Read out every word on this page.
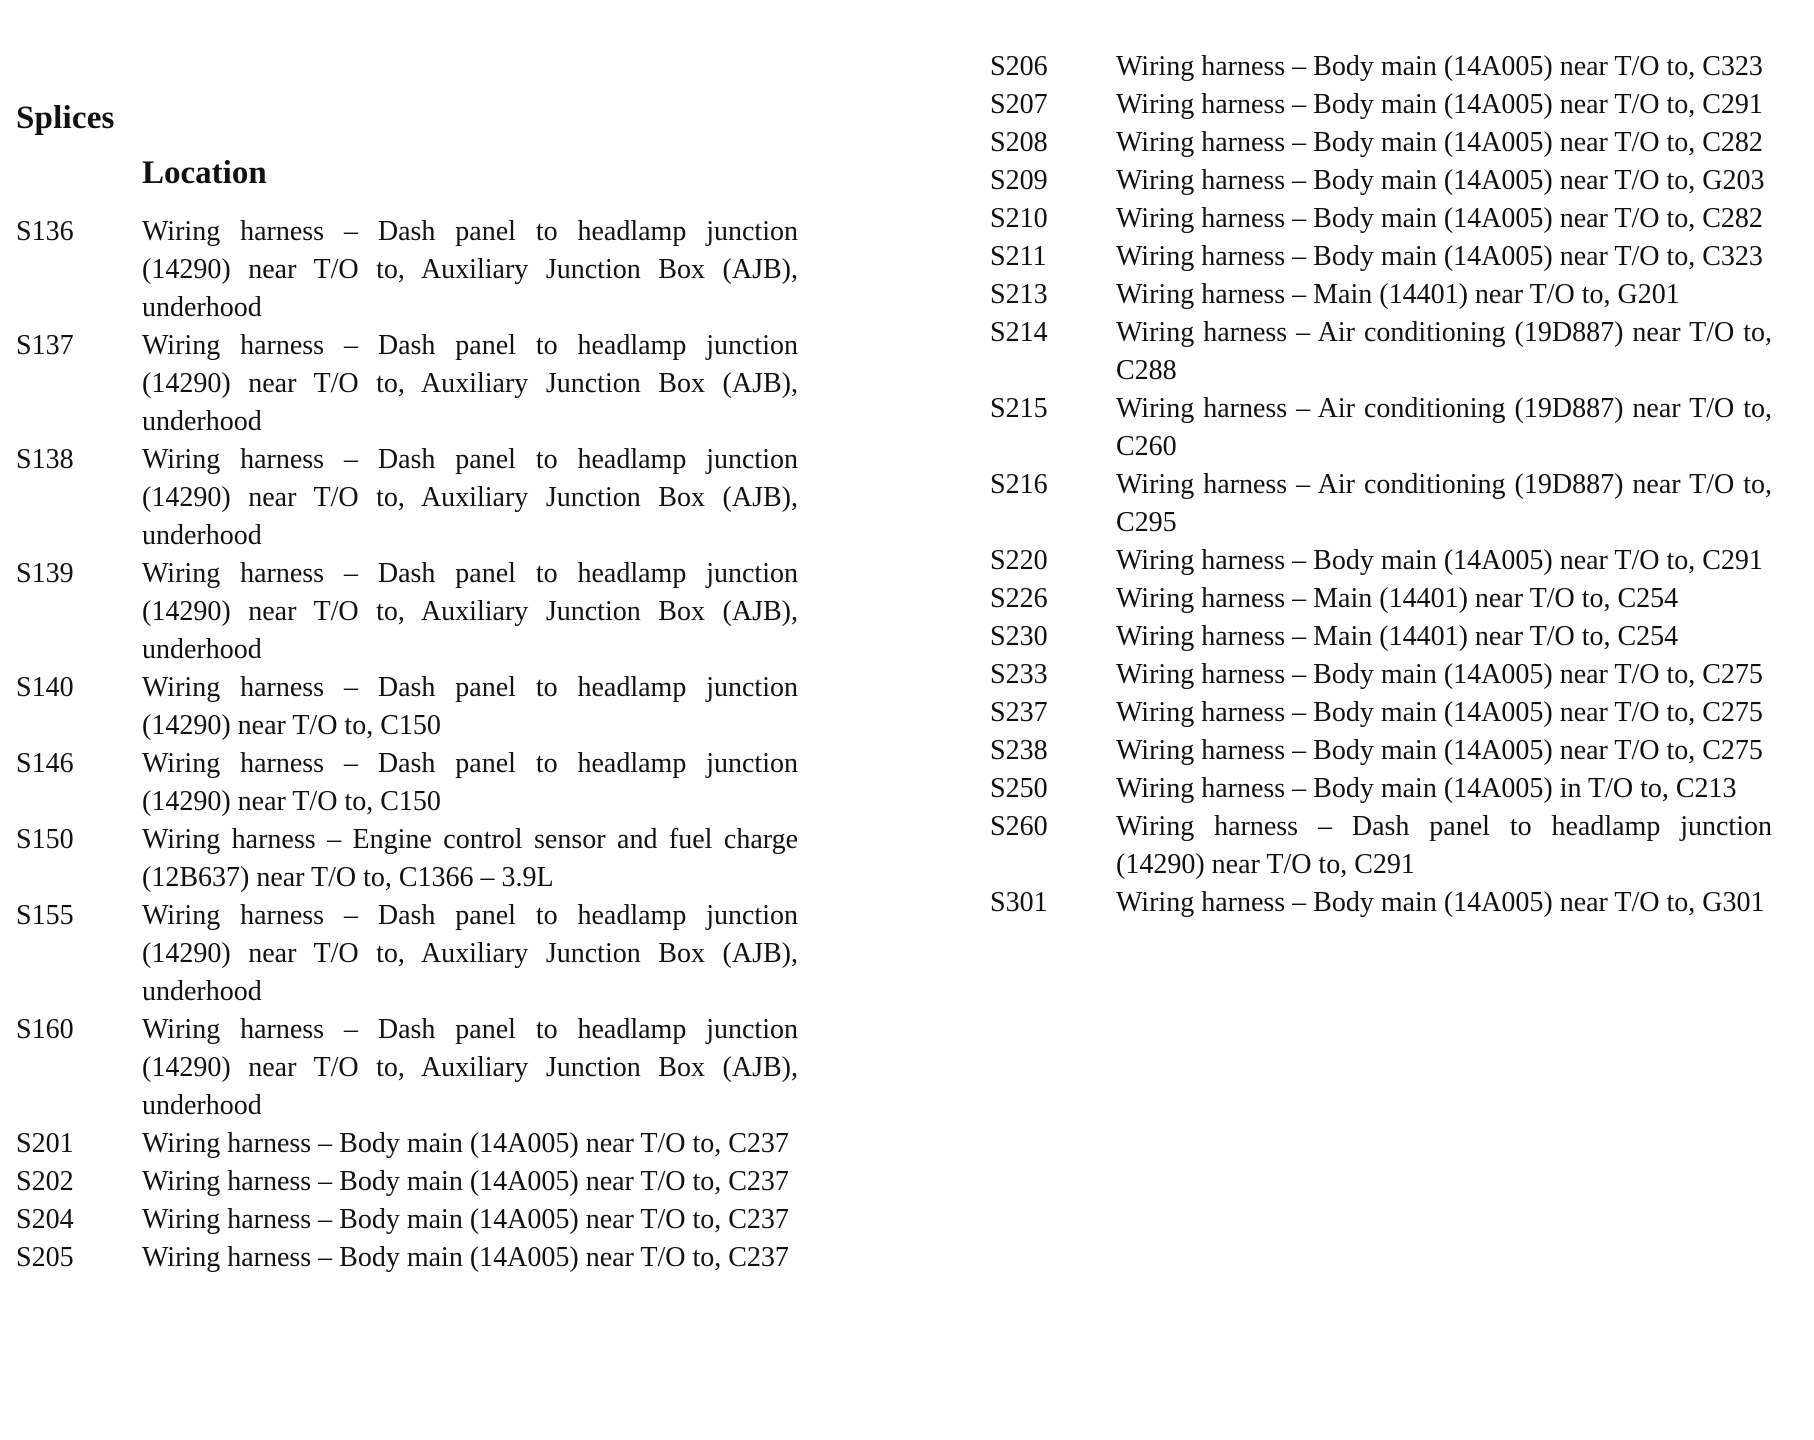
Splices
Location
S136	Wiring harness – Dash panel to headlamp junction (14290) near T/O to, Auxiliary Junction Box (AJB), underhood
S137	Wiring harness – Dash panel to headlamp junction (14290) near T/O to, Auxiliary Junction Box (AJB), underhood
S138	Wiring harness – Dash panel to headlamp junction (14290) near T/O to, Auxiliary Junction Box (AJB), underhood
S139	Wiring harness – Dash panel to headlamp junction (14290) near T/O to, Auxiliary Junction Box (AJB), underhood
S140	Wiring harness – Dash panel to headlamp junction (14290) near T/O to, C150
S146	Wiring harness – Dash panel to headlamp junction (14290) near T/O to, C150
S150	Wiring harness – Engine control sensor and fuel charge (12B637) near T/O to, C1366 – 3.9L
S155	Wiring harness – Dash panel to headlamp junction (14290) near T/O to, Auxiliary Junction Box (AJB), underhood
S160	Wiring harness – Dash panel to headlamp junction (14290) near T/O to, Auxiliary Junction Box (AJB), underhood
S201	Wiring harness – Body main (14A005) near T/O to, C237
S202	Wiring harness – Body main (14A005) near T/O to, C237
S204	Wiring harness – Body main (14A005) near T/O to, C237
S205	Wiring harness – Body main (14A005) near T/O to, C237
S206	Wiring harness – Body main (14A005) near T/O to, C323
S207	Wiring harness – Body main (14A005) near T/O to, C291
S208	Wiring harness – Body main (14A005) near T/O to, C282
S209	Wiring harness – Body main (14A005) near T/O to, G203
S210	Wiring harness – Body main (14A005) near T/O to, C282
S211	Wiring harness – Body main (14A005) near T/O to, C323
S213	Wiring harness – Main (14401) near T/O to, G201
S214	Wiring harness – Air conditioning (19D887) near T/O to, C288
S215	Wiring harness – Air conditioning (19D887) near T/O to, C260
S216	Wiring harness – Air conditioning (19D887) near T/O to, C295
S220	Wiring harness – Body main (14A005) near T/O to, C291
S226	Wiring harness – Main (14401) near T/O to, C254
S230	Wiring harness – Main (14401) near T/O to, C254
S233	Wiring harness – Body main (14A005) near T/O to, C275
S237	Wiring harness – Body main (14A005) near T/O to, C275
S238	Wiring harness – Body main (14A005) near T/O to, C275
S250	Wiring harness – Body main (14A005) in T/O to, C213
S260	Wiring harness – Dash panel to headlamp junction (14290) near T/O to, C291
S301	Wiring harness – Body main (14A005) near T/O to, G301
